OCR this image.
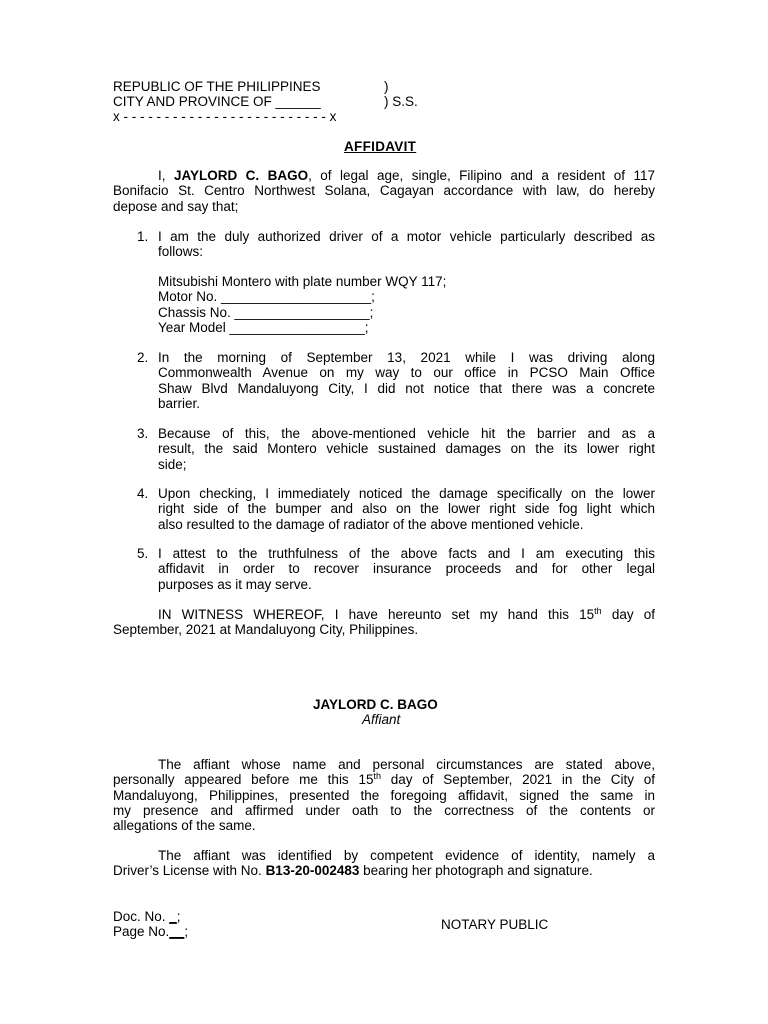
REPUBLIC OF THE PHILIPPINES	)
CITY AND PROVINCE OF ______	) S.S.
x - - - - - - - - - - - - - - - - - - - - - - - - - x
AFFIDAVIT
I, JAYLORD C. BAGO, of legal age, single, Filipino and a resident of 117
Bonifacio St. Centro Northwest Solana, Cagayan accordance with law, do hereby
depose and say that;
1. I am the duly authorized driver of a motor vehicle particularly described as
follows:
Mitsubishi Montero with plate number WQY 117;
Motor No. ____________________;
Chassis No. __________________;
Year Model __________________;
2. In the morning of September 13, 2021 while I was driving along
Commonwealth Avenue on my way to our office in PCSO Main Office
Shaw Blvd Mandaluyong City, I did not notice that there was a concrete
barrier.
3. Because of this, the above-mentioned vehicle hit the barrier and as a
result, the said Montero vehicle sustained damages on the its lower right
side;
4. Upon checking, I immediately noticed the damage specifically on the lower
right side of the bumper and also on the lower right side fog light which
also resulted to the damage of radiator of the above mentioned vehicle.
5. I attest to the truthfulness of the above facts and I am executing this
affidavit in order to recover insurance proceeds and for other legal
purposes as it may serve.
IN WITNESS WHEREOF, I have hereunto set my hand this 15th day of
September, 2021 at Mandaluyong City, Philippines.
JAYLORD C. BAGO
Affiant
The affiant whose name and personal circumstances are stated above,
personally appeared before me this 15th day of September, 2021 in the City of
Mandaluyong, Philippines, presented the foregoing affidavit, signed the same in
my presence and affirmed under oath to the correctness of the contents or
allegations of the same.
The affiant was identified by competent evidence of identity, namely a
Driver’s License with No. B13-20-002483 bearing her photograph and signature.
Doc. No. _;
Page No.__;	NOTARY PUBLIC
